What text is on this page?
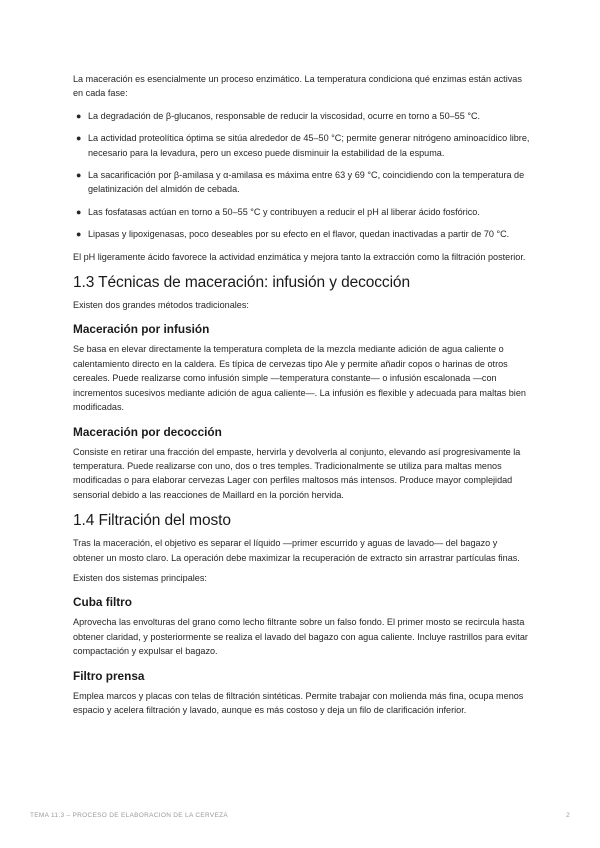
La maceración es esencialmente un proceso enzimático. La temperatura condiciona qué enzimas están activas en cada fase:

● La degradación de β-glucanos, responsable de reducir la viscosidad, ocurre en torno a 50–55 °C.
● La actividad proteolítica óptima se sitúa alrededor de 45–50 °C; permite generar nitrógeno aminoacídico libre, necesario para la levadura, pero un exceso puede disminuir la estabilidad de la espuma.
● La sacarificación por β-amilasa y α-amilasa es máxima entre 63 y 69 °C, coincidiendo con la temperatura de gelatinización del almidón de cebada.
● Las fosfatasas actúan en torno a 50–55 °C y contribuyen a reducir el pH al liberar ácido fosfórico.
● Lipasas y lipoxigenasas, poco deseables por su efecto en el flavor, quedan inactivadas a partir de 70 °C.

El pH ligeramente ácido favorece la actividad enzimática y mejora tanto la extracción como la filtración posterior.

1.3 Técnicas de maceración: infusión y decocción

Existen dos grandes métodos tradicionales:

Maceración por infusión

Se basa en elevar directamente la temperatura completa de la mezcla mediante adición de agua caliente o calentamiento directo en la caldera. Es típica de cervezas tipo Ale y permite añadir copos o harinas de otros cereales. Puede realizarse como infusión simple —temperatura constante— o infusión escalonada —con incrementos sucesivos mediante adición de agua caliente—. La infusión es flexible y adecuada para maltas bien modificadas.

Maceración por decocción

Consiste en retirar una fracción del empaste, hervirla y devolverla al conjunto, elevando así progresivamente la temperatura. Puede realizarse con uno, dos o tres temples. Tradicionalmente se utiliza para maltas menos modificadas o para elaborar cervezas Lager con perfiles maltosos más intensos. Produce mayor complejidad sensorial debido a las reacciones de Maillard en la porción hervida.

1.4 Filtración del mosto

Tras la maceración, el objetivo es separar el líquido —primer escurrido y aguas de lavado— del bagazo y obtener un mosto claro. La operación debe maximizar la recuperación de extracto sin arrastrar partículas finas.

Existen dos sistemas principales:

Cuba filtro

Aprovecha las envolturas del grano como lecho filtrante sobre un falso fondo. El primer mosto se recircula hasta obtener claridad, y posteriormente se realiza el lavado del bagazo con agua caliente. Incluye rastrillos para evitar compactación y expulsar el bagazo.

Filtro prensa

Emplea marcos y placas con telas de filtración sintéticas. Permite trabajar con molienda más fina, ocupa menos espacio y acelera filtración y lavado, aunque es más costoso y deja un filo de clarificación inferior.

TEMA 11.3 – PROCESO DE ELABORACION DE LA CERVEZA	2
